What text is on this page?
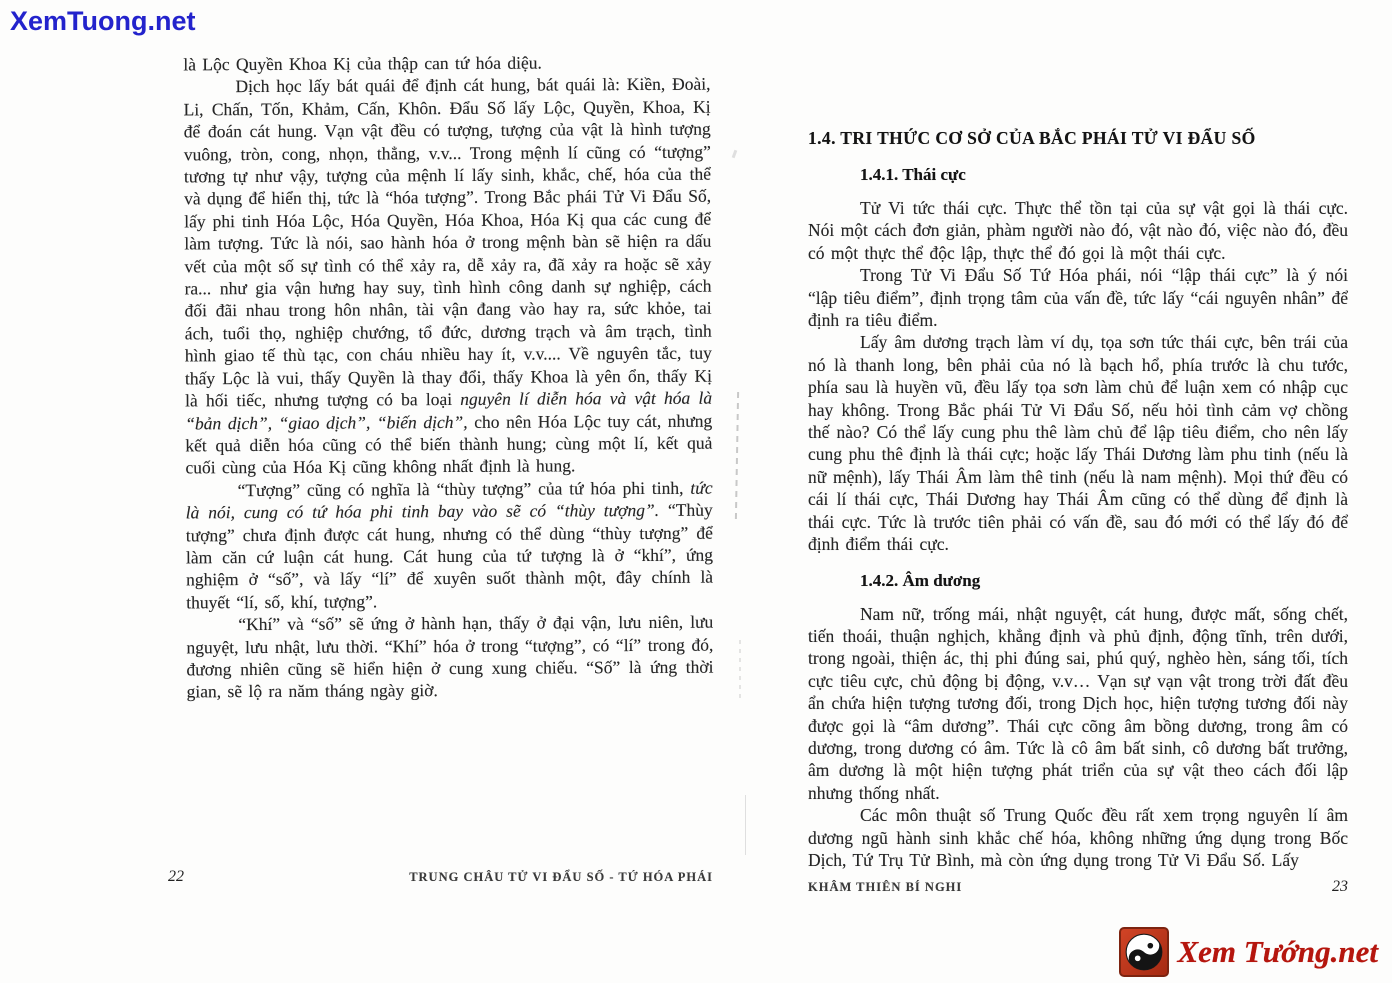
XemTuong.net

là Lộc Quyền Khoa Kị của thập can tứ hóa diệu.

Dịch học lấy bát quái để định cát hung, bát quái là: Kiền, Đoài, Li, Chấn, Tốn, Khảm, Cấn, Khôn. Đẩu Số lấy Lộc, Quyền, Khoa, Kị để đoán cát hung. Vạn vật đều có tượng, tượng của vật là hình tượng vuông, tròn, cong, nhọn, thẳng, v.v... Trong mệnh lí cũng có “tượng” tương tự như vậy, tượng của mệnh lí lấy sinh, khắc, chế, hóa của thể và dụng để hiển thị, tức là “hóa tượng”. Trong Bắc phái Tử Vi Đẩu Số, lấy phi tinh Hóa Lộc, Hóa Quyền, Hóa Khoa, Hóa Kị qua các cung để làm tượng. Tức là nói, sao hành hóa ở trong mệnh bàn sẽ hiện ra dấu vết của một số sự tình có thể xảy ra, dễ xảy ra, đã xảy ra hoặc sẽ xảy ra... như gia vận hưng hay suy, tình hình công danh sự nghiệp, cách đối đãi nhau trong hôn nhân, tài vận đang vào hay ra, sức khỏe, tai ách, tuổi thọ, nghiệp chướng, tổ đức, dương trạch và âm trạch, tình hình giao tế thù tạc, con cháu nhiều hay ít, v.v.... Về nguyên tắc, tuy thấy Lộc là vui, thấy Quyền là thay đổi, thấy Khoa là yên ổn, thấy Kị là hối tiếc, nhưng tượng có ba loại nguyên lí diễn hóa và vật hóa là “bản dịch”, “giao dịch”, “biến dịch”, cho nên Hóa Lộc tuy cát, nhưng kết quả diễn hóa cũng có thể biến thành hung; cùng một lí, kết quả cuối cùng của Hóa Kị cũng không nhất định là hung.

“Tượng” cũng có nghĩa là “thùy tượng” của tứ hóa phi tinh, tức là nói, cung có tứ hóa phi tinh bay vào sẽ có “thùy tượng”. “Thùy tượng” chưa định được cát hung, nhưng có thể dùng “thùy tượng” để làm căn cứ luận cát hung. Cát hung của tứ tượng là ở “khí”, ứng nghiệm ở “số”, và lấy “lí” để xuyên suốt thành một, đây chính là thuyết “lí, số, khí, tượng”.

“Khí” và “số” sẽ ứng ở hành hạn, thấy ở đại vận, lưu niên, lưu nguyệt, lưu nhật, lưu thời. “Khí” hóa ở trong “tượng”, có “lí” trong đó, đương nhiên cũng sẽ hiển hiện ở cung xung chiếu. “Số” là ứng thời gian, sẽ lộ ra năm tháng ngày giờ.

22	TRUNG CHÂU TỬ VI ĐẨU SỐ - TỨ HÓA PHÁI
1.4. TRI THỨC CƠ SỞ CỦA BẮC PHÁI TỬ VI ĐẨU SỐ
1.4.1. Thái cực

Tử Vi tức thái cực. Thực thể tồn tại của sự vật gọi là thái cực. Nói một cách đơn giản, phàm người nào đó, vật nào đó, việc nào đó, đều có một thực thể độc lập, thực thể đó gọi là một thái cực.

Trong Tử Vi Đẩu Số Tứ Hóa phái, nói “lập thái cực” là ý nói “lập tiêu điểm”, định trọng tâm của vấn đề, tức lấy “cái nguyên nhân” để định ra tiêu điểm.

Lấy âm dương trạch làm ví dụ, tọa sơn tức thái cực, bên trái của nó là thanh long, bên phải của nó là bạch hổ, phía trước là chu tước, phía sau là huyền vũ, đều lấy tọa sơn làm chủ để luận xem có nhập cục hay không. Trong Bắc phái Tử Vi Đẩu Số, nếu hỏi tình cảm vợ chồng thế nào? Có thể lấy cung phu thê làm chủ để lập tiêu điểm, cho nên lấy cung phu thê định là thái cực; hoặc lấy Thái Dương làm phu tinh (nếu là nữ mệnh), lấy Thái Âm làm thê tinh (nếu là nam mệnh). Mọi thứ đều có cái lí thái cực, Thái Dương hay Thái Âm cũng có thể dùng để định là thái cực. Tức là trước tiên phải có vấn đề, sau đó mới có thể lấy đó để định điểm thái cực.

1.4.2. Âm dương

Nam nữ, trống mái, nhật nguyệt, cát hung, được mất, sống chết, tiến thoái, thuận nghịch, khẳng định và phủ định, động tĩnh, trên dưới, trong ngoài, thiện ác, thị phi đúng sai, phú quý, nghèo hèn, sáng tối, tích cực tiêu cực, chủ động bị động, v.v… Vạn sự vạn vật trong trời đất đều ẩn chứa hiện tượng tương đối, trong Dịch học, hiện tượng tương đối này được gọi là “âm dương”. Thái cực cõng âm bồng dương, trong âm có dương, trong dương có âm. Tức là cô âm bất sinh, cô dương bất trưởng, âm dương là một hiện tượng phát triển của sự vật theo cách đối lập nhưng thống nhất.

Các môn thuật số Trung Quốc đều rất xem trọng nguyên lí âm dương ngũ hành sinh khắc chế hóa, không những ứng dụng trong Bốc Dịch, Tứ Trụ Tử Bình, mà còn ứng dụng trong Tử Vi Đẩu Số. Lấy

KHÂM THIÊN BÍ NGHI	23
Xem Tướng.net
